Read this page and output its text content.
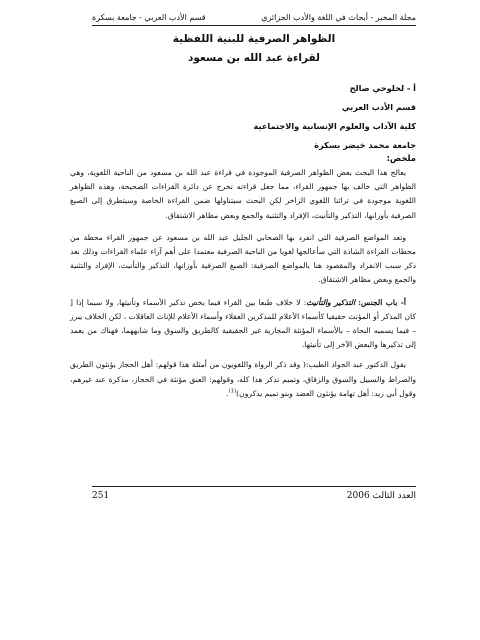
مجلة المخبر - أبحاث في اللغة والأدب الجزائري
قسم الأدب العربي - جامعة بسكرة
الظواهر الصرفية للبنية اللفظية
لقراءة عبد الله بن مسعود
أ - لحلوحي صالح
قسم الأدب العربي
كلية الآداب والعلوم الإنسانية والاجتماعية
جامعة محمد خيضر بسكرة
ملخص:

يعالج هذا البحث بعض الظواهر الصرفية الموجودة في قراءة عبد الله بن مسعود من الناحية اللغوية، وهي الظواهر التي خالف بها جمهور القراء، مما جعل قراءته تخرج عن دائرة القراءات الصحيحة، وهذه الظواهر اللغوية موجودة في تراثنا اللغوي الزاخر لكن البحث سيتناولها ضمن القراءة الخاصة وسيتطرق إلى الصيغ الصرفية بأوزانها، التذكير والتأنيث، الإفراد والتثنية والجمع وبعض مظاهر الاشتقاق.

وتعد المواضع الصرفية التي انفرد بها الصحابي الجليل عبد الله بن مسعود عن جمهور القراء محطة من محطات القراءة الشاذة التي سأعالجها لغويا من الناحية الصرفية معتمدا على أهم آراء علماء القراءات وذلك بعد ذكر سبب الانفراد والمقصود هنا بالمواضع الصرفية: الصيغ الصرفية بأوزانها، التذكير والتأنيث، الإفراد والتثنية والجمع وبعض مظاهر الاشتقاق.

أ- باب الجنس: التذكير والتأنيث: لا خلاف طبعا بين القراء فيما يخص تذكير الأسماء وتأنيثها، ولا سيما إذا [ كان المذكر أو المؤنث حقيقيا كأسماء الأعلام للمذكرين العقلاء وأسماء الأعلام للإناث العاقلات ، لكن الخلاف يبرز – فيما يسميه النحاة – بالأسماء المؤنثة المجازية غير الحقيقية كالطريق والسوق وما شابههما، فهناك من يعمد إلى تذكيرها والبعض الآخر إلى تأنيثها.

يقول الدكتور عبد الجواد الطيب:( وقد ذكر الرواة واللغويون من أمثلة هذا قولهم: أهل الحجاز يؤنثون الطريق والصراط والسبيل والسوق والزقاق، وتميم تذكر هذا كله، وقولهم: العنق مؤنثة في الحجاز، مذكرة عند غيرهم، وقول أبي زيد: أهل تهامة يؤنثون العضد وبنو تميم يذكرون)$^{(1)}$.

العدد الثالث 2006
251
